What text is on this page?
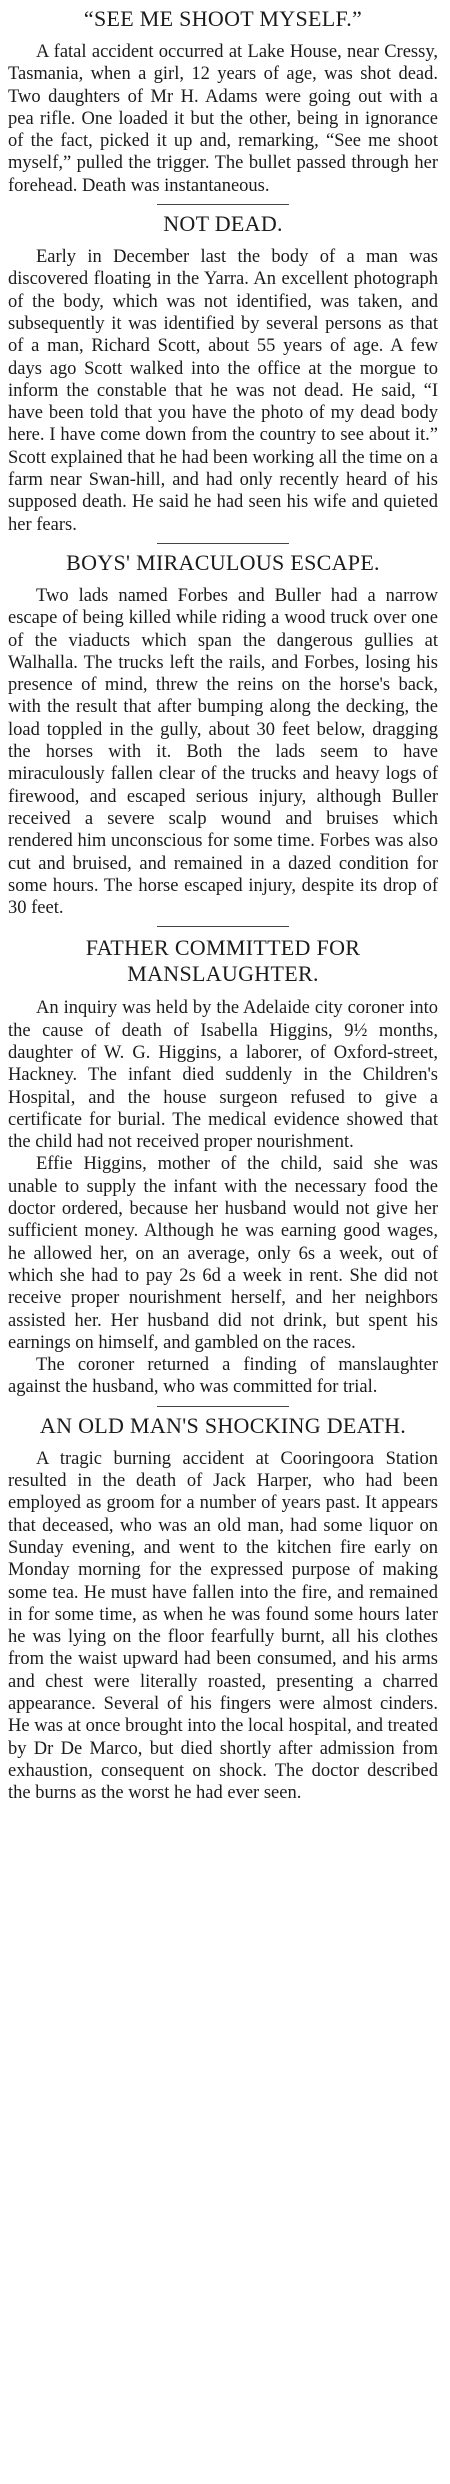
“SEE ME SHOOT MYSELF.”

A fatal accident occurred at Lake House, near Cressy, Tasmania, when a girl, 12 years of age, was shot dead. Two daughters of Mr H. Adams were going out with a pea rifle. One loaded it but the other, being in ignorance of the fact, picked it up and, remarking, “See me shoot myself,” pulled the trigger. The bullet passed through her forehead. Death was instantaneous.

NOT DEAD.

Early in December last the body of a man was discovered floating in the Yarra. An excellent photograph of the body, which was not identified, was taken, and subsequently it was identified by several persons as that of a man, Richard Scott, about 55 years of age. A few days ago Scott walked into the office at the morgue to inform the constable that he was not dead. He said, “I have been told that you have the photo of my dead body here. I have come down from the country to see about it.” Scott explained that he had been working all the time on a farm near Swan-hill, and had only recently heard of his supposed death. He said he had seen his wife and quieted her fears.

BOYS' MIRACULOUS ESCAPE.

Two lads named Forbes and Buller had a narrow escape of being killed while riding a wood truck over one of the viaducts which span the dangerous gullies at Walhalla. The trucks left the rails, and Forbes, losing his presence of mind, threw the reins on the horse's back, with the result that after bumping along the decking, the load toppled in the gully, about 30 feet below, dragging the horses with it. Both the lads seem to have miraculously fallen clear of the trucks and heavy logs of firewood, and escaped serious injury, although Buller received a severe scalp wound and bruises which rendered him unconscious for some time. Forbes was also cut and bruised, and remained in a dazed condition for some hours. The horse escaped injury, despite its drop of 30 feet.

FATHER COMMITTED FOR MANSLAUGHTER.

An inquiry was held by the Adelaide city coroner into the cause of death of Isabella Higgins, 9½ months, daughter of W. G. Higgins, a laborer, of Oxford-street, Hackney. The infant died suddenly in the Children's Hospital, and the house surgeon refused to give a certificate for burial. The medical evidence showed that the child had not received proper nourishment.

Effie Higgins, mother of the child, said she was unable to supply the infant with the necessary food the doctor ordered, because her husband would not give her sufficient money. Although he was earning good wages, he allowed her, on an average, only 6s a week, out of which she had to pay 2s 6d a week in rent. She did not receive proper nourishment herself, and her neighbors assisted her. Her husband did not drink, but spent his earnings on himself, and gambled on the races.

The coroner returned a finding of manslaughter against the husband, who was committed for trial.

AN OLD MAN'S SHOCKING DEATH.

A tragic burning accident at Cooringoora Station resulted in the death of Jack Harper, who had been employed as groom for a number of years past. It appears that deceased, who was an old man, had some liquor on Sunday evening, and went to the kitchen fire early on Monday morning for the expressed purpose of making some tea. He must have fallen into the fire, and remained in for some time, as when he was found some hours later he was lying on the floor fearfully burnt, all his clothes from the waist upward had been consumed, and his arms and chest were literally roasted, presenting a charred appearance. Several of his fingers were almost cinders. He was at once brought into the local hospital, and treated by Dr De Marco, but died shortly after admission from exhaustion, consequent on shock. The doctor described the burns as the worst he had ever seen.
